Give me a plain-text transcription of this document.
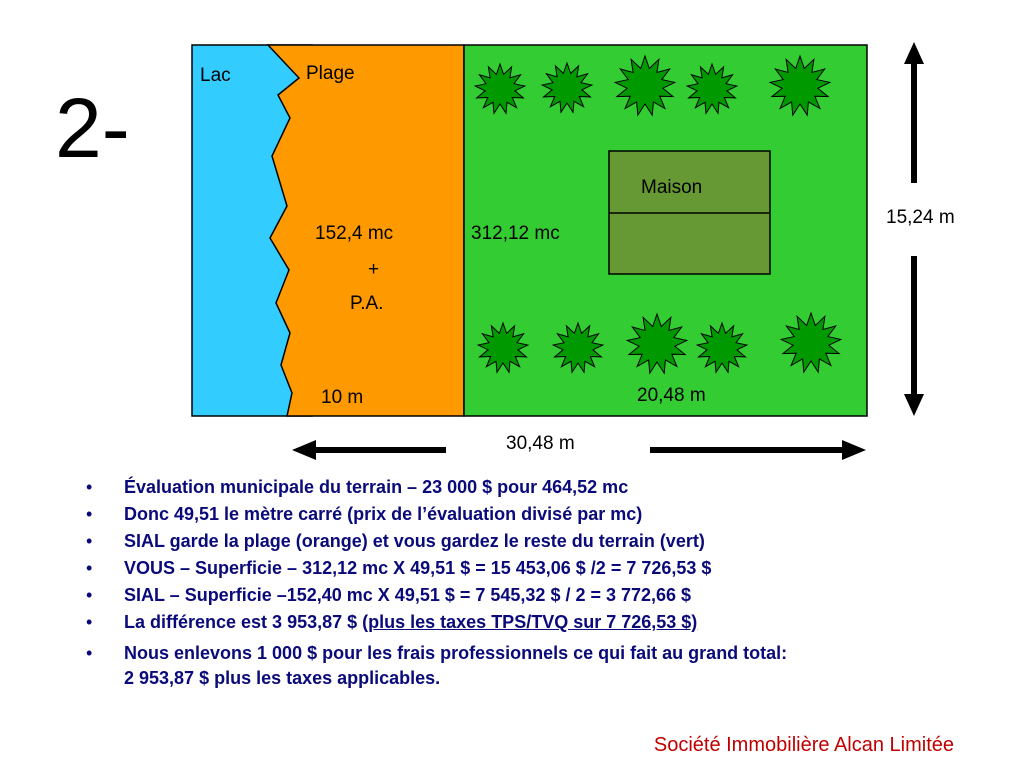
2-
Lac	Plage
Maison
152,4 mc
+
P.A.
312,12 mc
10 m	20,48 m
30,48 m
15,24 m
• Évaluation municipale du terrain – 23 000 $ pour 464,52 mc
• Donc 49,51 le mètre carré (prix de l’évaluation divisé par mc)
• SIAL garde la plage (orange) et vous gardez le reste du terrain (vert)
• VOUS – Superficie – 312,12 mc X 49,51 $ = 15 453,06 $ /2 = 7 726,53 $
• SIAL – Superficie –152,40 mc X 49,51 $ = 7 545,32 $ / 2 = 3 772,66 $
• La différence est 3 953,87 $ (plus les taxes TPS/TVQ sur 7 726,53 $)
• Nous enlevons 1 000 $ pour les frais professionnels ce qui fait au grand total:
2 953,87 $ plus les taxes applicables.
Société Immobilière Alcan Limitée
